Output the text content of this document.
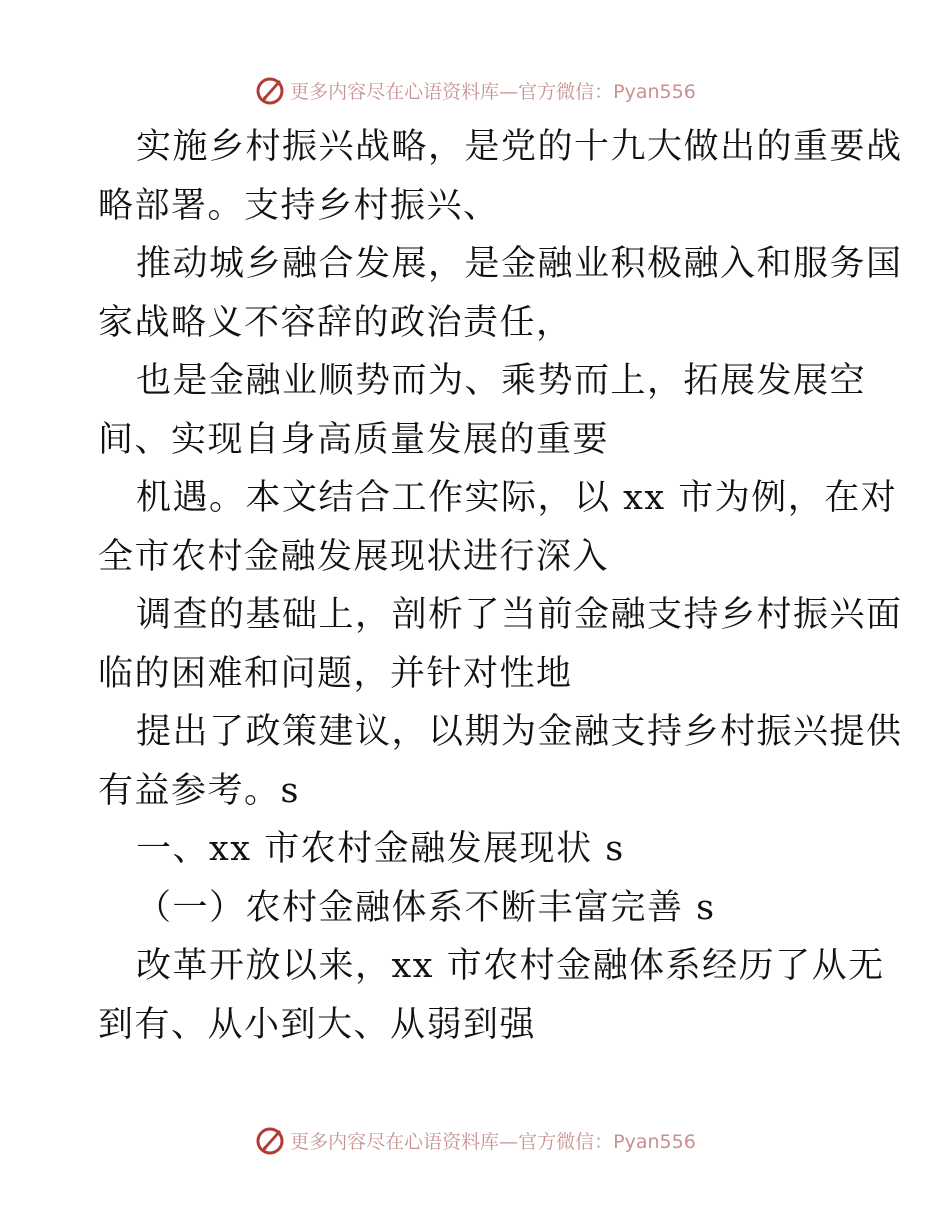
更多内容尽在心语资料库—官方微信：Pyan556
实施乡村振兴战略，是党的十九大做出的重要战
略部署。支持乡村振兴、
推动城乡融合发展，是金融业积极融入和服务国
家战略义不容辞的政治责任，
也是金融业顺势而为、乘势而上，拓展发展空
间、实现自身高质量发展的重要
机遇。本文结合工作实际，以 xx 市为例，在对
全市农村金融发展现状进行深入
调查的基础上，剖析了当前金融支持乡村振兴面
临的困难和问题，并针对性地
提出了政策建议，以期为金融支持乡村振兴提供
有益参考。s
一、xx 市农村金融发展现状 s
（一）农村金融体系不断丰富完善 s
改革开放以来，xx 市农村金融体系经历了从无
到有、从小到大、从弱到强
更多内容尽在心语资料库—官方微信：Pyan556
